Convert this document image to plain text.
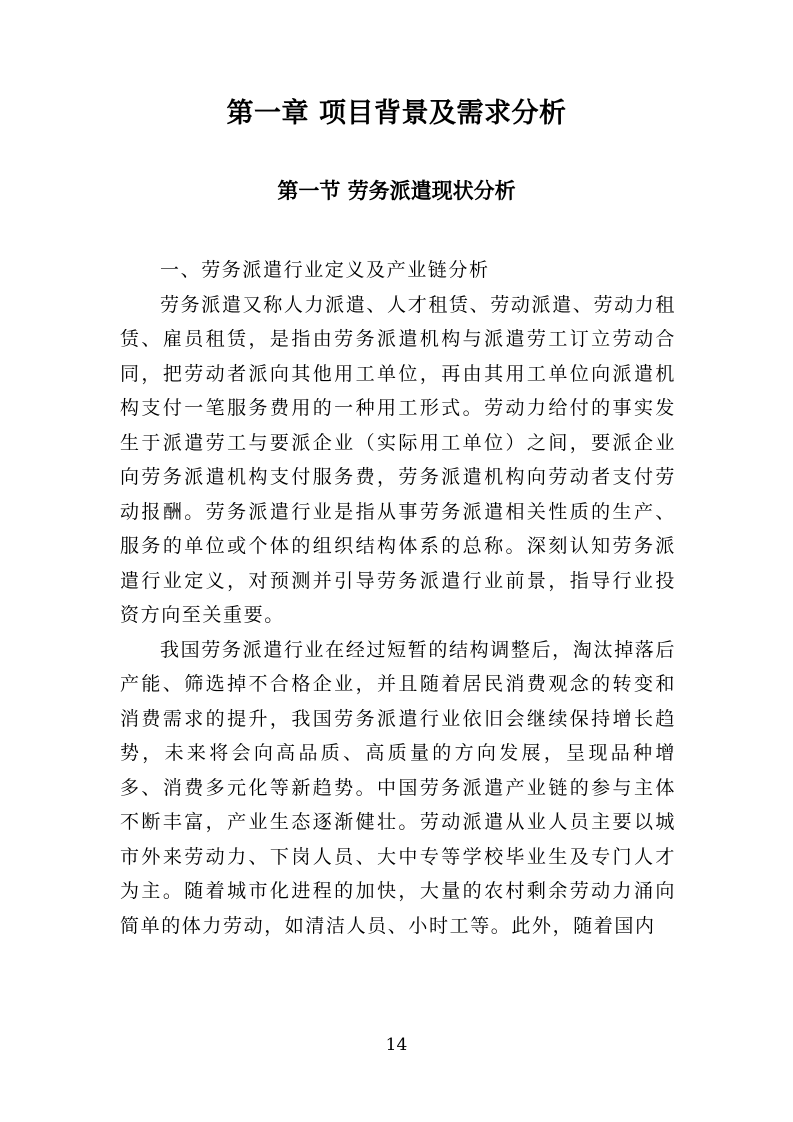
第一章 项目背景及需求分析
第一节 劳务派遣现状分析

一、劳务派遣行业定义及产业链分析

劳务派遣又称人力派遣、人才租赁、劳动派遣、劳动力租赁、雇员租赁，是指由劳务派遣机构与派遣劳工订立劳动合同，把劳动者派向其他用工单位，再由其用工单位向派遣机构支付一笔服务费用的一种用工形式。劳动力给付的事实发生于派遣劳工与要派企业（实际用工单位）之间，要派企业向劳务派遣机构支付服务费，劳务派遣机构向劳动者支付劳动报酬。劳务派遣行业是指从事劳务派遣相关性质的生产、服务的单位或个体的组织结构体系的总称。深刻认知劳务派遣行业定义，对预测并引导劳务派遣行业前景，指导行业投资方向至关重要。

我国劳务派遣行业在经过短暂的结构调整后，淘汰掉落后产能、筛选掉不合格企业，并且随着居民消费观念的转变和消费需求的提升，我国劳务派遣行业依旧会继续保持增长趋势，未来将会向高品质、高质量的方向发展，呈现品种增多、消费多元化等新趋势。中国劳务派遣产业链的参与主体不断丰富，产业生态逐渐健壮。劳动派遣从业人员主要以城市外来劳动力、下岗人员、大中专等学校毕业生及专门人才为主。随着城市化进程的加快，大量的农村剩余劳动力涌向简单的体力劳动，如清洁人员、小时工等。此外，随着国内

14
